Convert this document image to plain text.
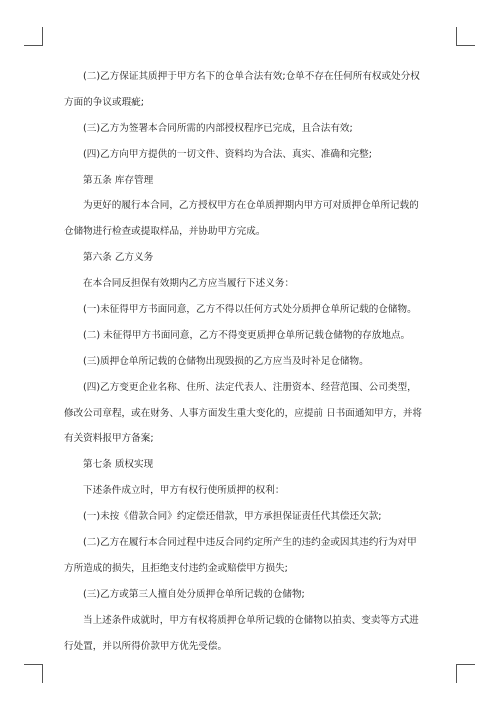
(二)乙方保证其质押于甲方名下的仓单合法有效;仓单不存在任何所有权或处分权
方面的争议或瑕疵;
(三)乙方为签署本合同所需的内部授权程序已完成，且合法有效;
(四)乙方向甲方提供的一切文件、资料均为合法、真实、准确和完整;
第五条 库存管理
为更好的履行本合同，乙方授权甲方在仓单质押期内甲方可对质押仓单所记载的
仓储物进行检查或提取样品，并协助甲方完成。
第六条 乙方义务
在本合同反担保有效期内乙方应当履行下述义务：
(一)未征得甲方书面同意，乙方不得以任何方式处分质押仓单所记载的仓储物。
(二) 未征得甲方书面同意，乙方不得变更质押仓单所记载仓储物的存放地点。
(三)质押仓单所记载的仓储物出现毁损的乙方应当及时补足仓储物。
(四)乙方变更企业名称、住所、法定代表人、注册资本、经营范围、公司类型，
修改公司章程，或在财务、人事方面发生重大变化的，应提前 日书面通知甲方，并将
有关资料报甲方备案;
第七条 质权实现
下述条件成立时，甲方有权行使所质押的权利：
(一)未按《借款合同》约定偿还借款，甲方承担保证责任代其偿还欠款;
(二)乙方在履行本合同过程中违反合同约定所产生的违约金或因其违约行为对甲
方所造成的损失，且拒绝支付违约金或赔偿甲方损失;
(三)乙方或第三人擅自处分质押仓单所记载的仓储物;
当上述条件成就时，甲方有权将质押仓单所记载的仓储物以拍卖、变卖等方式进
行处置，并以所得价款甲方优先受偿。
